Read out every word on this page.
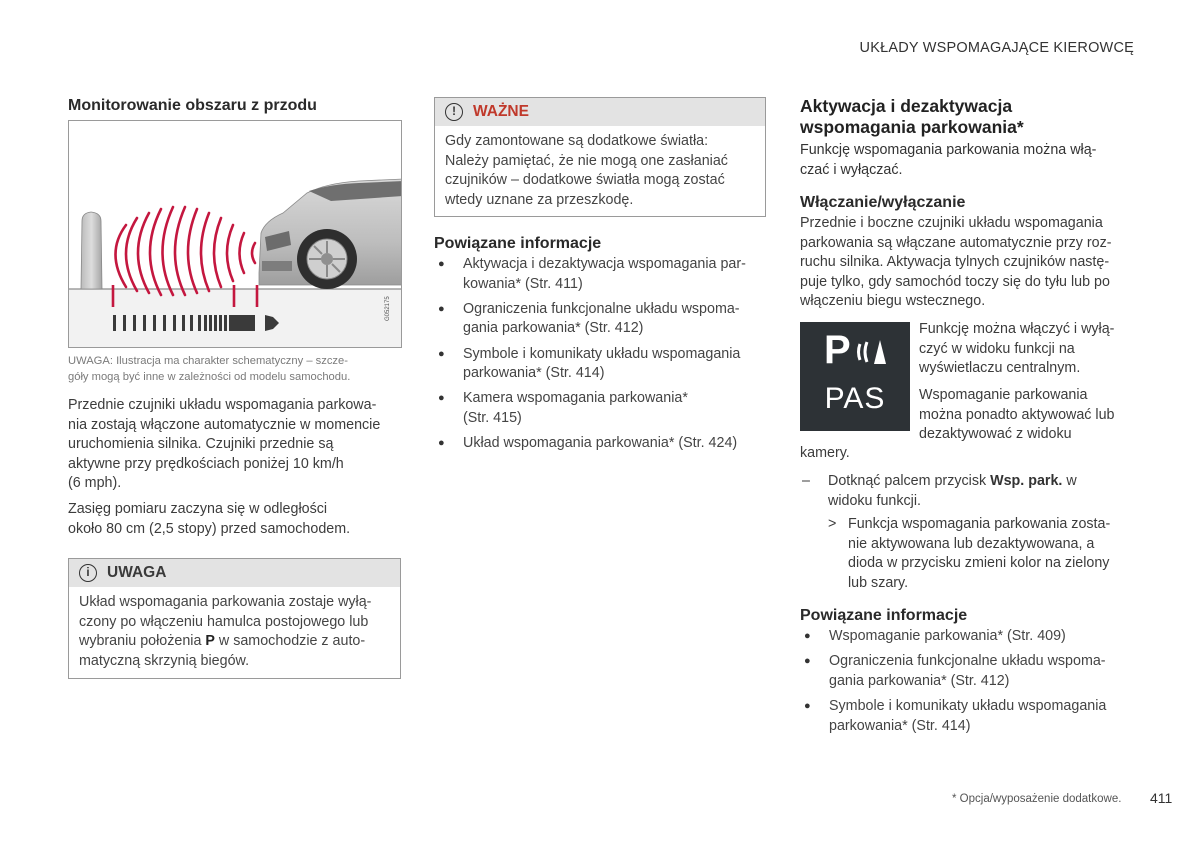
UKŁADY WSPOMAGAJĄCE KIEROWCĘ
Monitorowanie obszaru z przodu
G052175
UWAGA: Ilustracja ma charakter schematyczny – szcze-
góły mogą być inne w zależności od modelu samochodu.
Przednie czujniki układu wspomagania parkowa-
nia zostają włączone automatycznie w momencie
uruchomienia silnika. Czujniki przednie są
aktywne przy prędkościach poniżej 10 km/h
(6 mph).
Zasięg pomiaru zaczyna się w odległości
około 80 cm (2,5 stopy) przed samochodem.
i	UWAGA
Układ wspomagania parkowania zostaje wyłą-
czony po włączeniu hamulca postojowego lub
wybraniu położenia P w samochodzie z auto-
matyczną skrzynią biegów.
!	WAŻNE
Gdy zamontowane są dodatkowe światła:
Należy pamiętać, że nie mogą one zasłaniać
czujników – dodatkowe światła mogą zostać
wtedy uznane za przeszkodę.
Powiązane informacje
● Aktywacja i dezaktywacja wspomagania par-
kowania* (Str. 411)
● Ograniczenia funkcjonalne układu wspoma-
gania parkowania* (Str. 412)
● Symbole i komunikaty układu wspomagania
parkowania* (Str. 414)
● Kamera wspomagania parkowania*
(Str. 415)
● Układ wspomagania parkowania* (Str. 424)
Aktywacja i dezaktywacja
wspomagania parkowania*
Funkcję wspomagania parkowania można włą-
czać i wyłączać.
Włączanie/wyłączanie
Przednie i boczne czujniki układu wspomagania
parkowania są włączane automatycznie przy roz-
ruchu silnika. Aktywacja tylnych czujników nastę-
puje tylko, gdy samochód toczy się do tyłu lub po
włączeniu biegu wstecznego.
P
PAS
Funkcję można włączyć i wyłą-
czyć w widoku funkcji na
wyświetlaczu centralnym.
Wspomaganie parkowania
można ponadto aktywować lub
dezaktywować z widoku
kamery.
–	Dotknąć palcem przycisk Wsp. park. w
widoku funkcji.
> Funkcja wspomagania parkowania zosta-
nie aktywowana lub dezaktywowana, a
dioda w przycisku zmieni kolor na zielony
lub szary.
Powiązane informacje
● Wspomaganie parkowania* (Str. 409)
● Ograniczenia funkcjonalne układu wspoma-
gania parkowania* (Str. 412)
● Symbole i komunikaty układu wspomagania
parkowania* (Str. 414)
* Opcja/wyposażenie dodatkowe. 411
